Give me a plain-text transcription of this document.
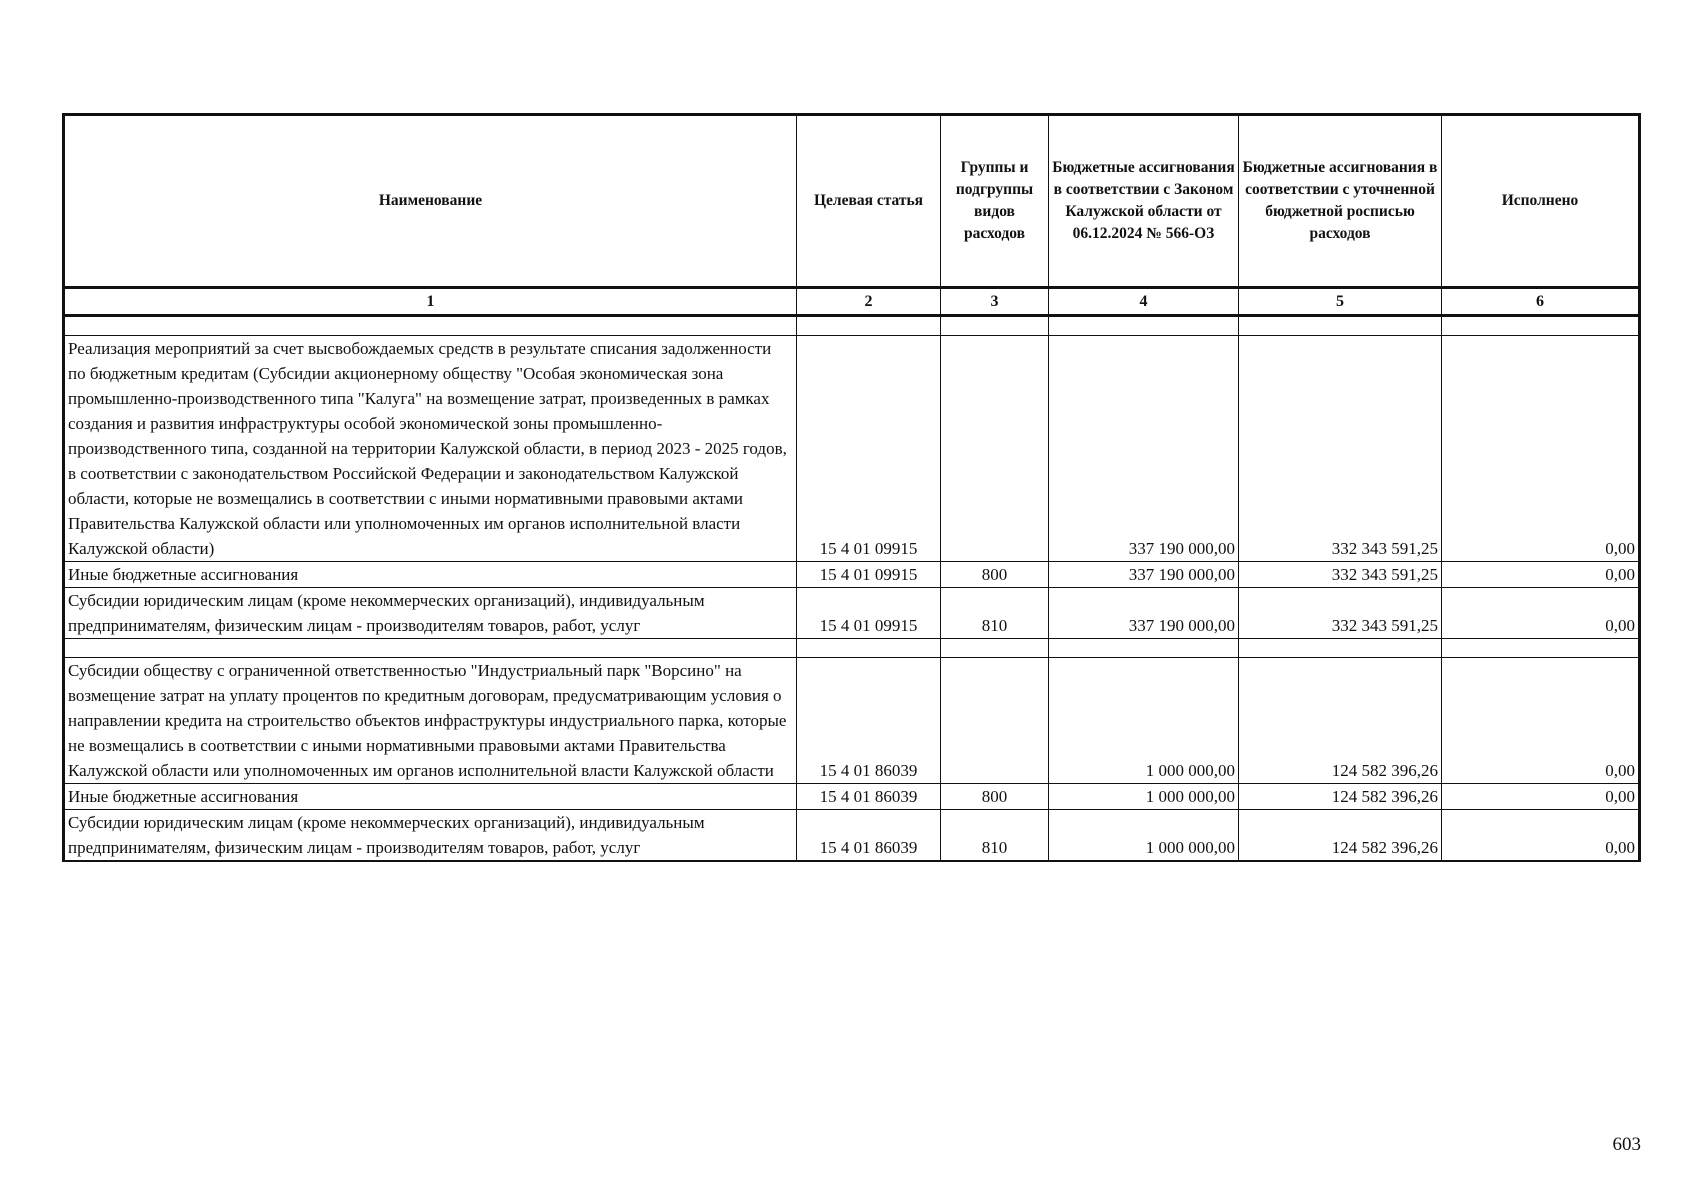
Наименование	Целевая статья	Группы и подгруппы видов расходов	Бюджетные ассигнования в соответствии с Законом Калужской области от 06.12.2024 № 566-ОЗ	Бюджетные ассигнования в соответствии с уточненной бюджетной росписью расходов	Исполнено
1	2	3	4	5	6

Реализация мероприятий за счет высвобождаемых средств в результате списания задолженности по бюджетным кредитам (Субсидии акционерному обществу "Особая экономическая зона промышленно-производственного типа "Калуга" на возмещение затрат, произведенных в рамках создания и развития инфраструктуры особой экономической зоны промышленно-производственного типа, созданной на территории Калужской области, в период 2023 - 2025 годов, в соответствии с законодательством Российской Федерации и законодательством Калужской области, которые не возмещались в соответствии с иными нормативными правовыми актами Правительства Калужской области или уполномоченных им органов исполнительной власти Калужской области)	15 4 01 09915		337 190 000,00	332 343 591,25	0,00
Иные бюджетные ассигнования	15 4 01 09915	800	337 190 000,00	332 343 591,25	0,00
Субсидии юридическим лицам (кроме некоммерческих организаций), индивидуальным предпринимателям, физическим лицам - производителям товаров, работ, услуг	15 4 01 09915	810	337 190 000,00	332 343 591,25	0,00

Субсидии обществу с ограниченной ответственностью "Индустриальный парк "Ворсино" на возмещение затрат на уплату процентов по кредитным договорам, предусматривающим условия о направлении кредита на строительство объектов инфраструктуры индустриального парка, которые не возмещались в соответствии с иными нормативными правовыми актами Правительства Калужской области или уполномоченных им органов исполнительной власти Калужской области	15 4 01 86039		1 000 000,00	124 582 396,26	0,00
Иные бюджетные ассигнования	15 4 01 86039	800	1 000 000,00	124 582 396,26	0,00
Субсидии юридическим лицам (кроме некоммерческих организаций), индивидуальным предпринимателям, физическим лицам - производителям товаров, работ, услуг	15 4 01 86039	810	1 000 000,00	124 582 396,26	0,00
603
